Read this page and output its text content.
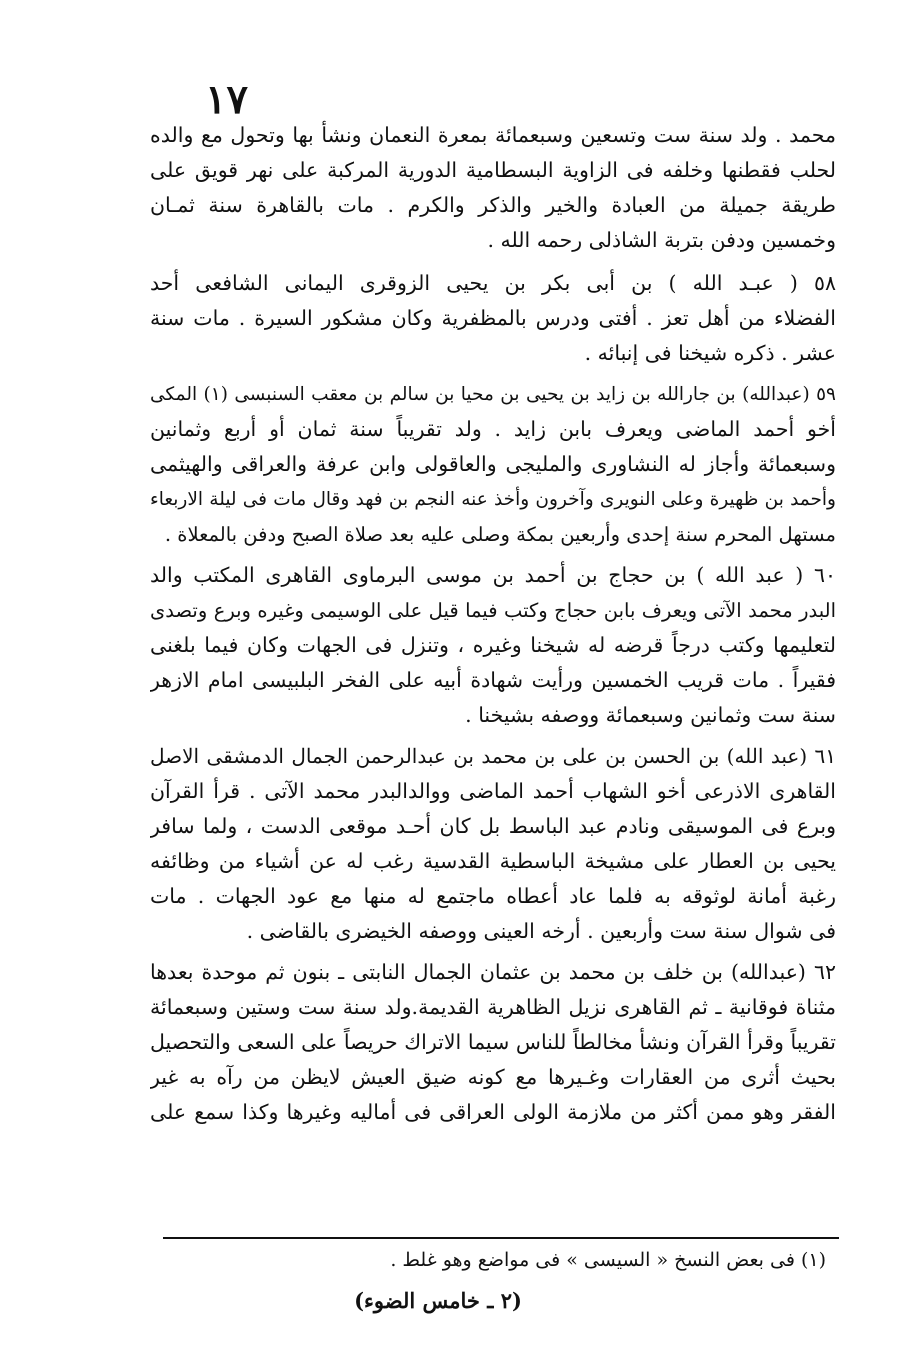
١٧
محمد . ولد سنة ست وتسعين وسبعمائة بمعرة النعمان ونشأ بها وتحول مع والده
لحلب فقطنها وخلفه فى الزاوية البسطامية الدورية المركبة على نهر قويق على
طريقة جميلة من العبادة والخير والذكر والكرم . مات بالقاهرة سنة ثمـان
وخمسين ودفن بتربة الشاذلى رحمه الله .
٥٨ ( عبـد الله ) بن أبى بكر بن يحيى الزوقرى اليمانى الشافعى أحد
الفضلاء من أهل تعز . أفتى ودرس بالمظفرية وكان مشكور السيرة . مات سنة
عشر . ذكره شيخنا فى إنبائه .
٥٩ (عبدالله) بن جارالله بن زايد بن يحيى بن محيا بن سالم بن معقب السنبسى (١) المكى
أخو أحمد الماضى ويعرف بابن زايد . ولد تقريباً سنة ثمان أو أربع وثمانين
وسبعمائة وأجاز له النشاورى والمليجى والعاقولى وابن عرفة والعراقى والهيثمى
وأحمد بن ظهيرة وعلى النويرى وآخرون وأخذ عنه النجم بن فهد وقال مات فى ليلة الاربعاء
مستهل المحرم سنة إحدى وأربعين بمكة وصلى عليه بعد صلاة الصبح ودفن بالمعلاة .
٦٠ ( عبد الله ) بن حجاج بن أحمد بن موسى البرماوى القاهرى المكتب والد
البدر محمد الآتى ويعرف بابن حجاج وكتب فيما قيل على الوسيمى وغيره وبرع وتصدى
لتعليمها وكتب درجاً قرضه له شيخنا وغيره ، وتنزل فى الجهات وكان فيما بلغنى
فقيراً . مات قريب الخمسين ورأيت شهادة أبيه على الفخر البلبيسى امام الازهر
سنة ست وثمانين وسبعمائة ووصفه بشيخنا .
٦١ (عبد الله) بن الحسن بن على بن محمد بن عبدالرحمن الجمال الدمشقى الاصل
القاهرى الاذرعى أخو الشهاب أحمد الماضى ووالدالبدر محمد الآتى . قرأ القرآن
وبرع فى الموسيقى ونادم عبد الباسط بل كان أحـد موقعى الدست ، ولما سافر
يحيى بن العطار على مشيخة الباسطية القدسية رغب له عن أشياء من وظائفه
رغبة أمانة لوثوقه به فلما عاد أعطاه ماجتمع له منها مع عود الجهات . مات
فى شوال سنة ست وأربعين . أرخه العينى ووصفه الخيضرى بالقاضى .
٦٢ (عبدالله) بن خلف بن محمد بن عثمان الجمال النابتى ـ بنون ثم موحدة بعدها
مثناة فوقانية ـ ثم القاهرى نزيل الظاهرية القديمة.ولد سنة ست وستين وسبعمائة
تقريباً وقرأ القرآن ونشأ مخالطاً للناس سيما الاتراك حريصاً على السعى والتحصيل
بحيث أثرى من العقارات وغـيرها مع كونه ضيق العيش لايظن من رآه به غير
الفقر وهو ممن أكثر من ملازمة الولى العراقى فى أماليه وغيرها وكذا سمع على
(١) فى بعض النسخ « السيسى » فى مواضع وهو غلط .
(٢ ـ خامس الضوء)
